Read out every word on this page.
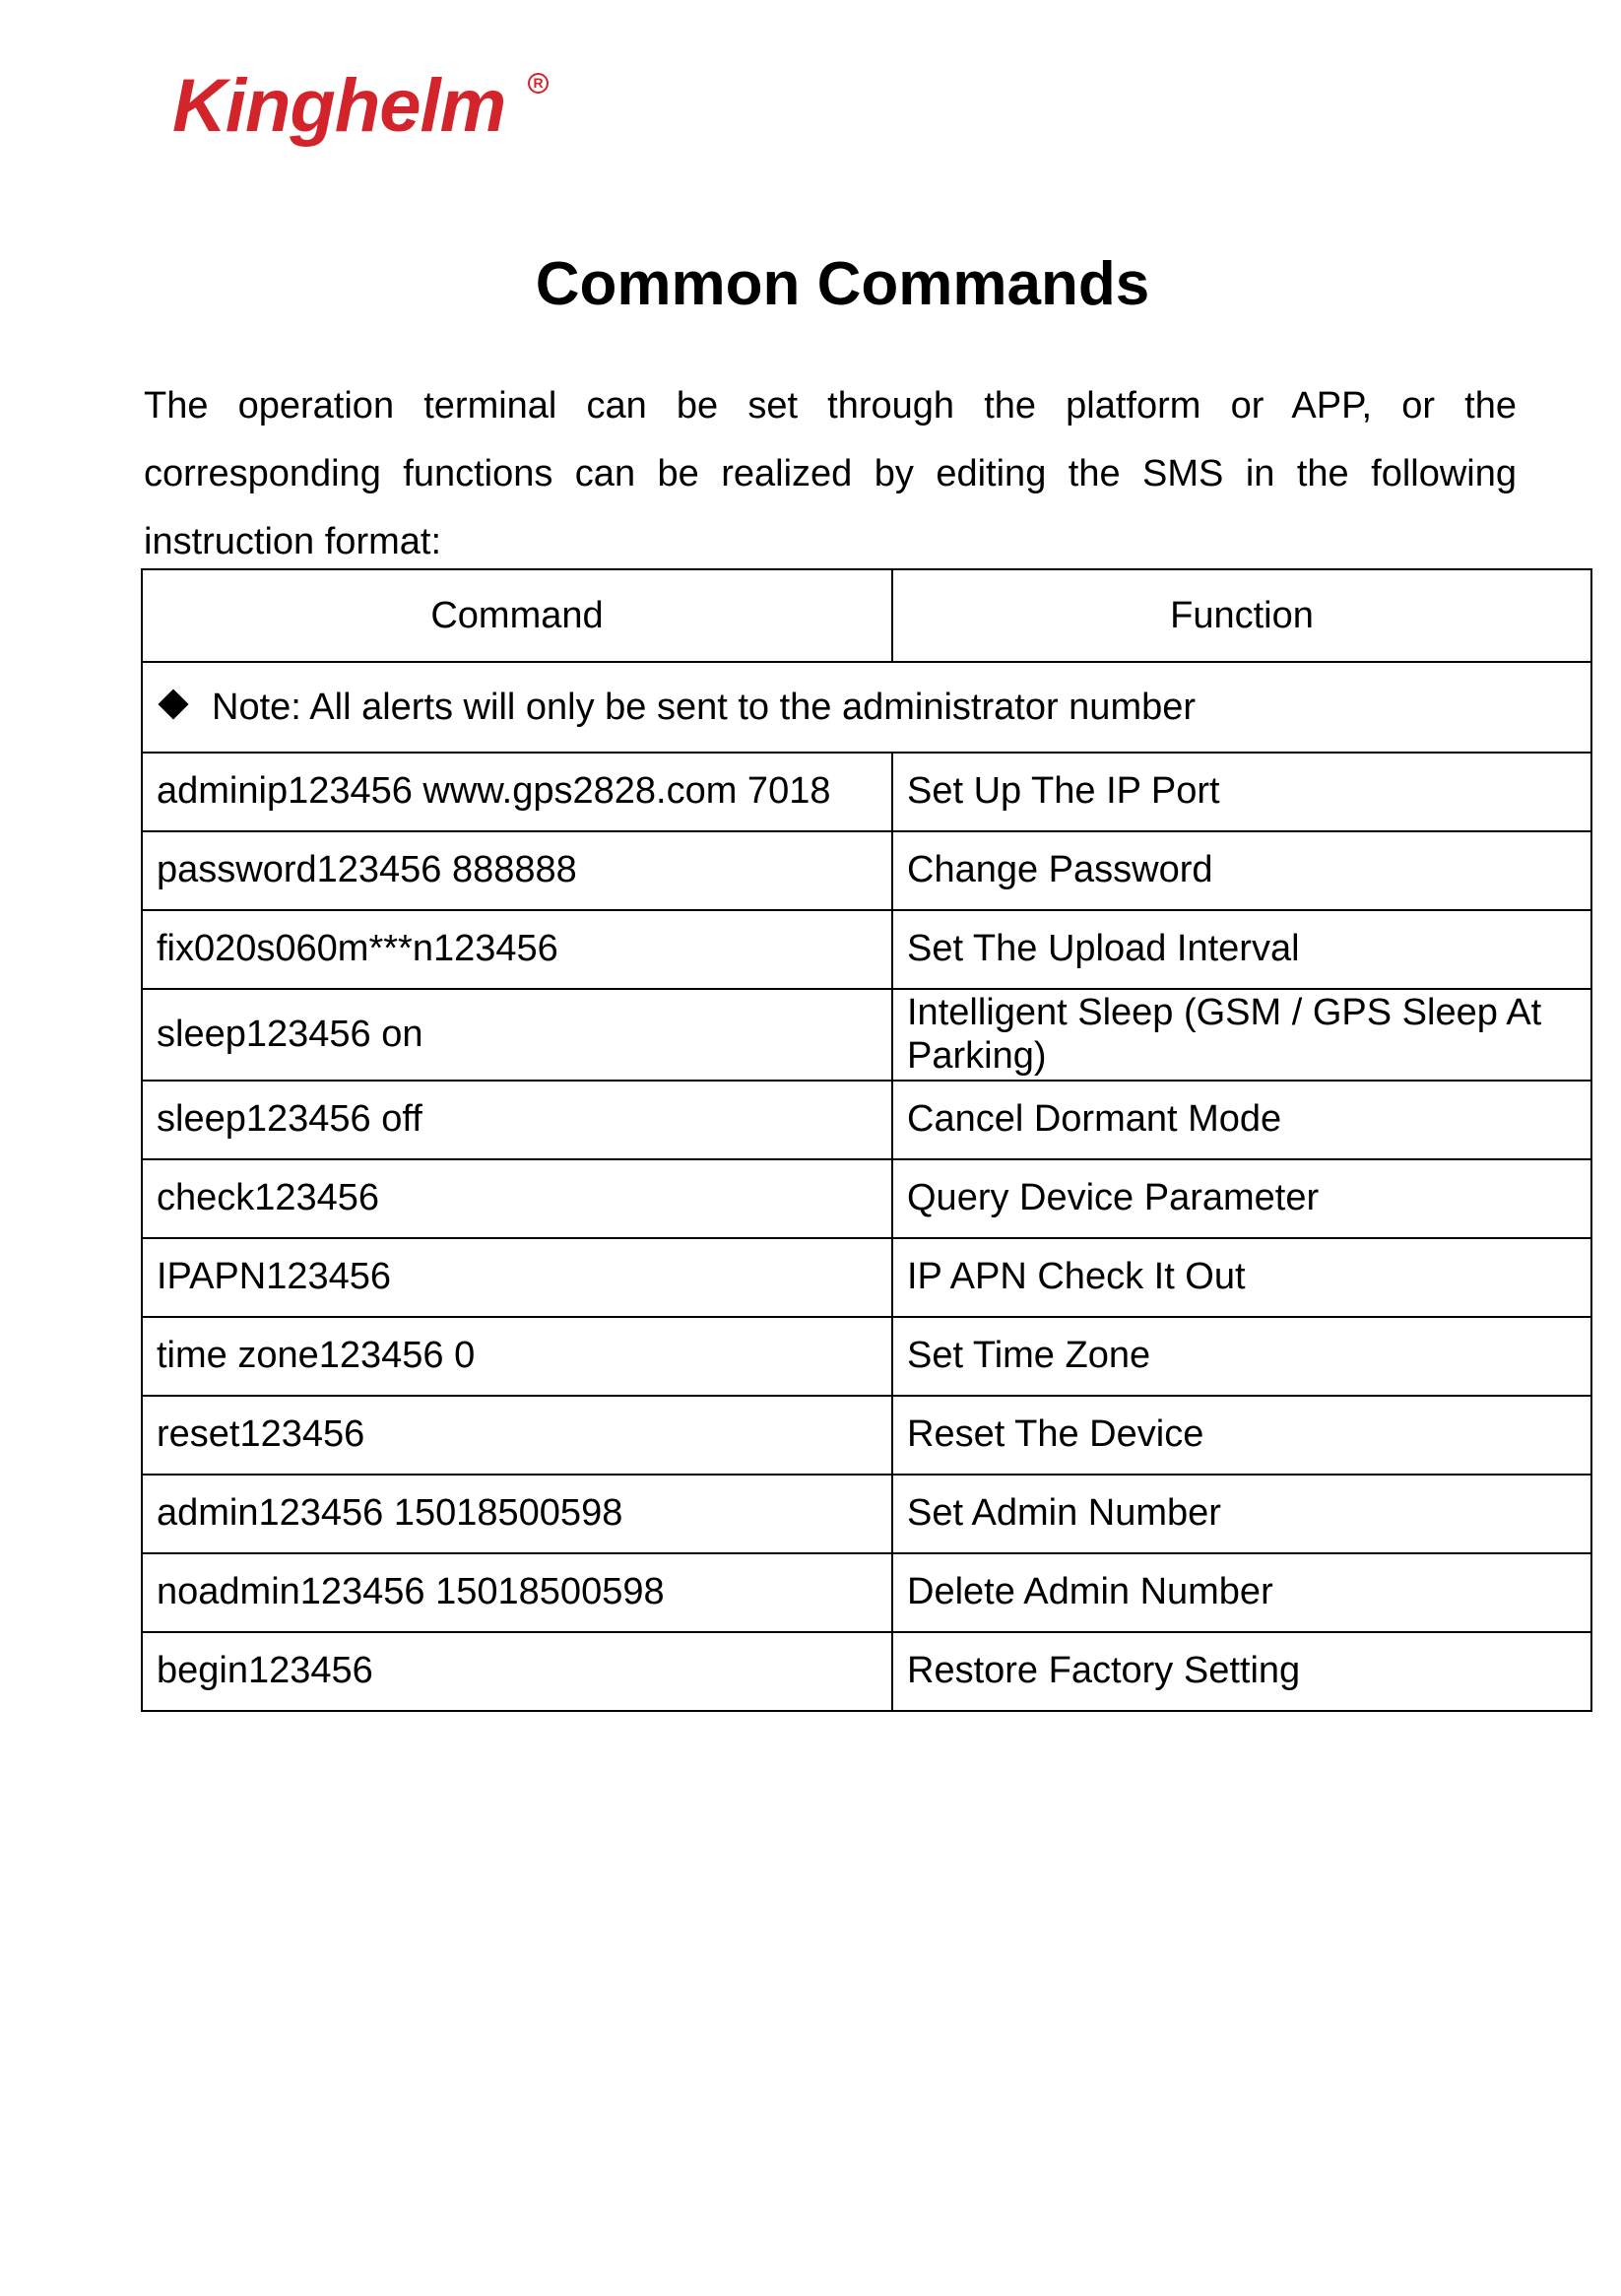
Kinghelm	R
Common Commands

The operation terminal can be set through the platform or APP, or the
corresponding functions can be realized by editing the SMS in the following
instruction format:

Command	Function
Note: All alerts will only be sent to the administrator number	
adminip123456 www.gps2828.com 7018	Set Up The IP Port
password123456 888888	Change Password
fix020s060m***n123456	Set The Upload Interval
sleep123456 on	Intelligent Sleep (GSM / GPS Sleep At Parking)
sleep123456 off	Cancel Dormant Mode
check123456	Query Device Parameter
IPAPN123456	IP APN Check It Out
time zone123456 0	Set Time Zone
reset123456	Reset The Device
admin123456 15018500598	Set Admin Number
noadmin123456 15018500598	Delete Admin Number
begin123456	Restore Factory Setting
